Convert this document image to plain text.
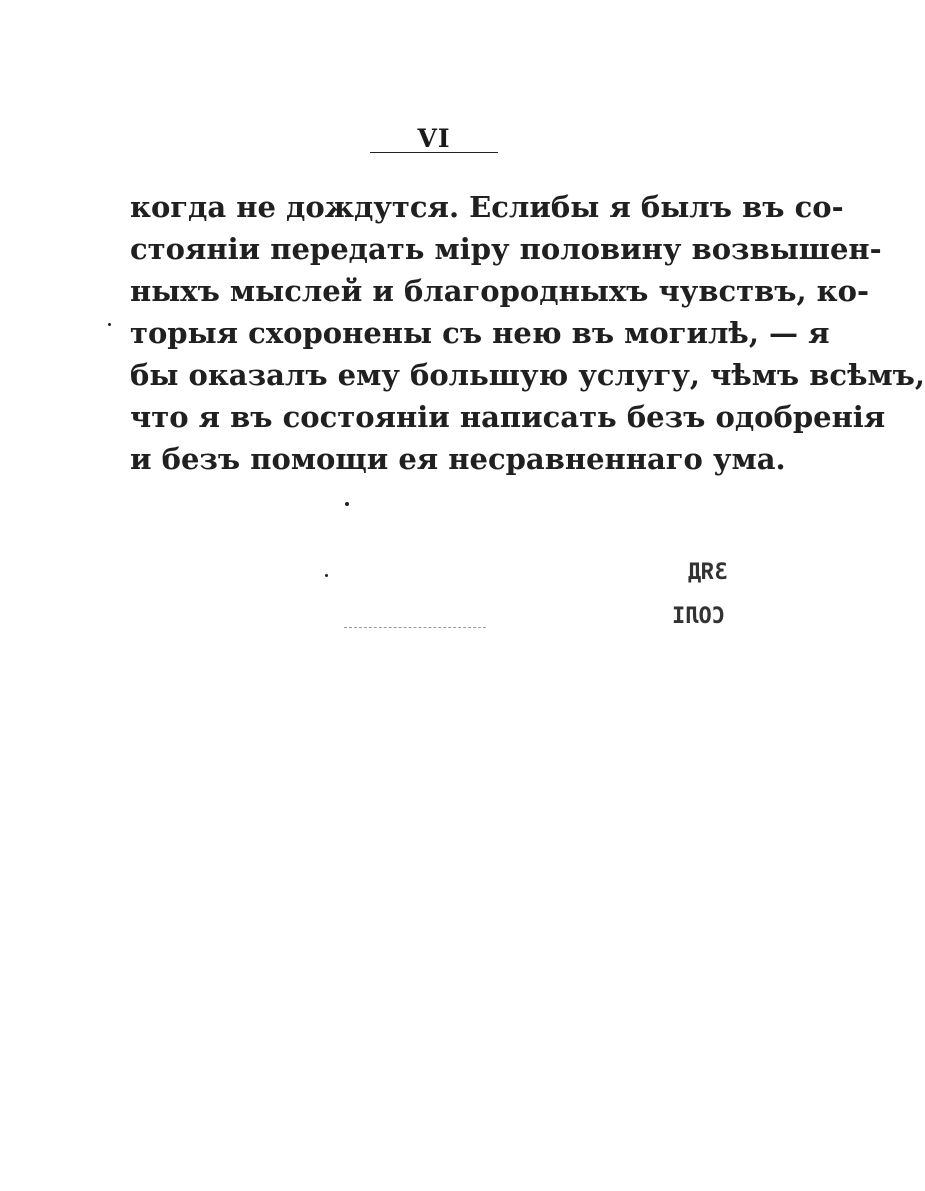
VI
когда не дождутся. Еслибы я былъ въ со-
стоянiи передать мiру половину возвышен-
ныхъ мыслей и благородныхъ чувствъ, ко-
торыя схоронены съ нею въ могилѣ, — я
бы оказалъ ему большую услугу, чѣмъ всѣмъ,
что я въ состоянiи написать безъ одобренiя
и безъ помощи ея несравненнаго ума.
ЗЯД
COЛI
